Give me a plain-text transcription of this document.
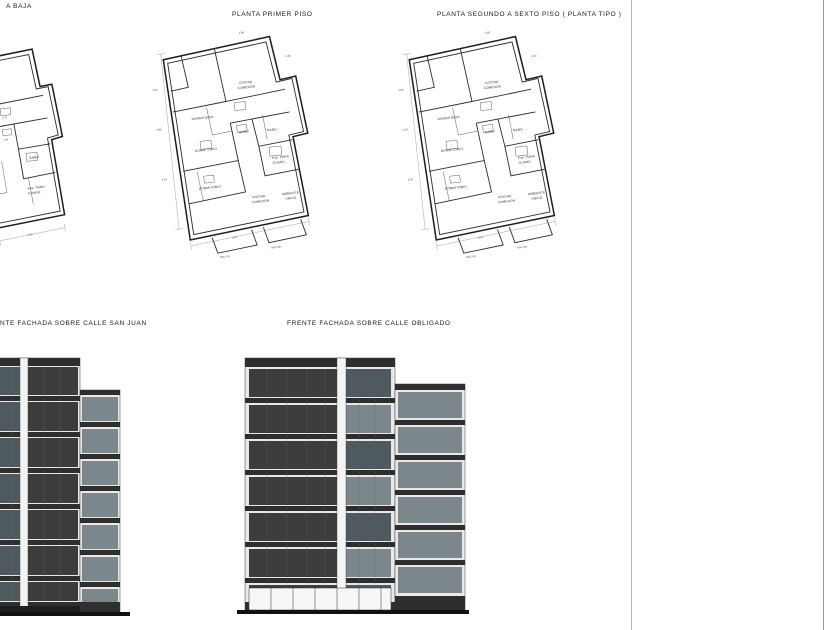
A BAJA
PLANTA PRIMER PISO	PLANTA SEGUNDO A SEXTO PISO ( PLANTA TIPO )
NTE FACHADA SOBRE CALLE SAN JUAN	FRENTE FACHADA SOBRE CALLE OBLIGADO
BAÑO
Esp. PARA
GUARD.
2.70
1.80
3.60
BALCON
BALCON
COCINA
COMEDOR
DORMITORIO
DORMITORIO
DORMITORIO
BAÑO	BAÑO
Esp. PARA
GUARD.
COCINA
COMEDOR
AMBIENTE
UNICO
2.95
3.40
4.20
8.47
1.80
2.55
BALCON
BALCON
COCINA
COMEDOR
DORMITORIO
DORMITORIO
DORMITORIO
BAÑO	BAÑO
Esp. PARA
GUARD.
COCINA
COMEDOR
AMBIENTE
UNICO
2.95
3.40
4.20
8.47
1.80
2.55
